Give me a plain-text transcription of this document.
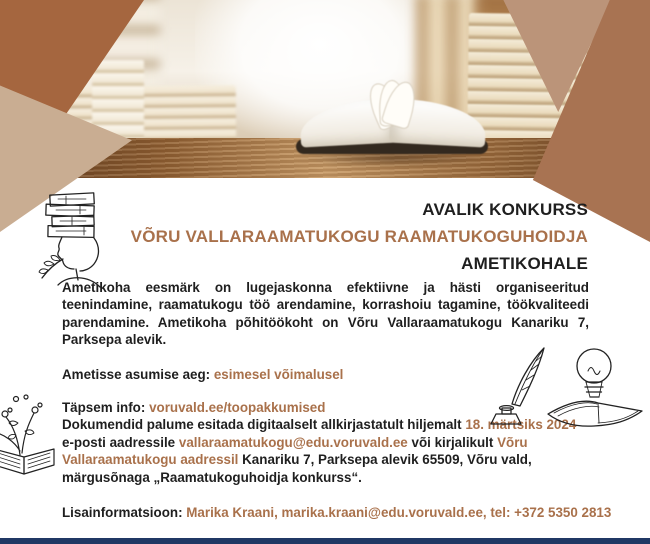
AVALIK KONKURSS
VÕRU VALLARAAMATUKOGU RAAMATUKOGUHOIDJA
AMETIKOHALE

Ametikoha eesmärk on lugejaskonna efektiivne ja hästi organiseeritud teenindamine, raamatukogu töö arendamine, korrashoiu tagamine, töökvaliteedi parendamine. Ametikoha põhitöökoht on Võru Vallaraamatukogu Kanariku 7, Parksepa alevik.

Ametisse asumise aeg: esimesel võimalusel
Täpsem info: voruvald.ee/toopakkumised
Dokumendid palume esitada digitaalselt allkirjastatult hiljemalt 18. märtsiks 2024
e-posti aadressile vallaraamatukogu@edu.voruvald.ee või kirjalikult Võru
Vallaraamatukogu aadressil Kanariku 7, Parksepa alevik 65509, Võru vald,
märgusõnaga „Raamatukoguhoidja konkurss“.
Lisainformatsioon: Marika Kraani, marika.kraani@edu.voruvald.ee, tel: +372 5350 2813
